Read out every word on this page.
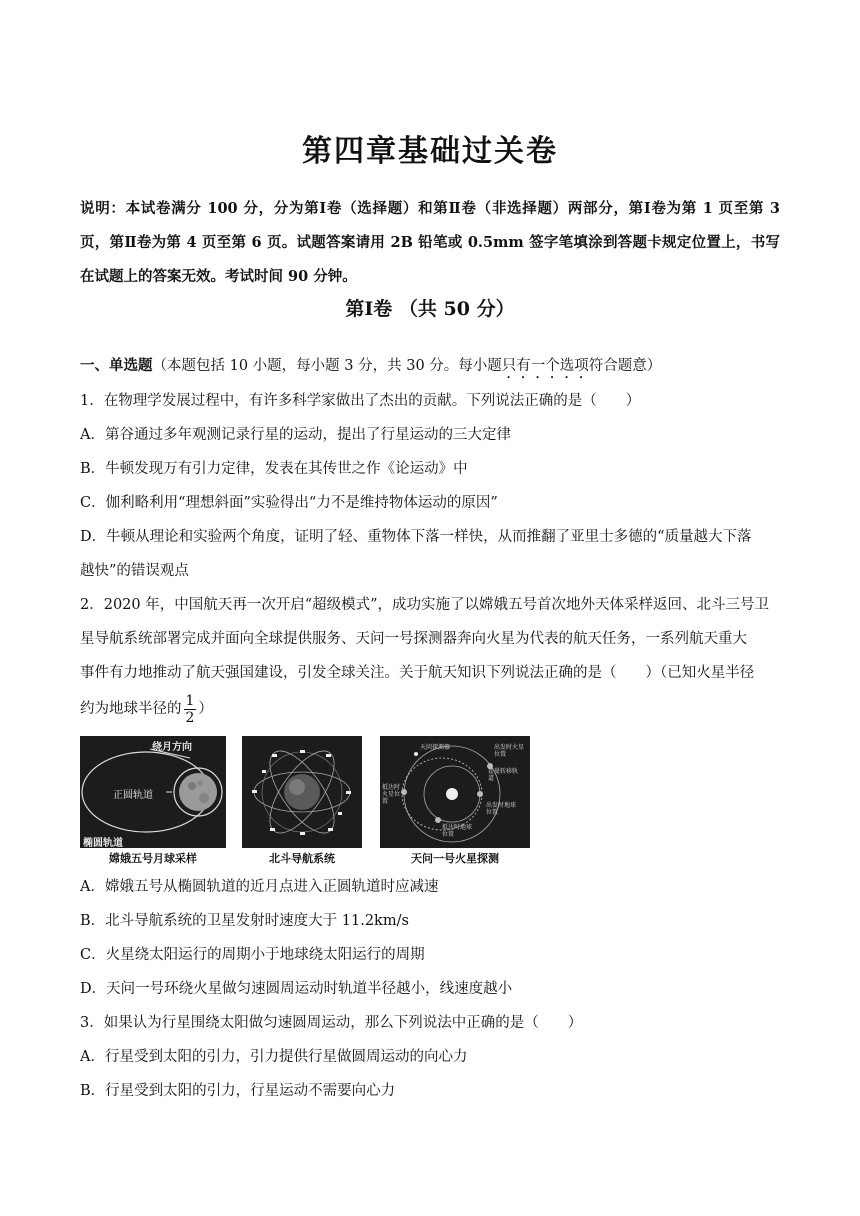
第四章基础过关卷
说明：本试卷满分 100 分，分为第Ⅰ卷（选择题）和第Ⅱ卷（非选择题）两部分，第Ⅰ卷为第 1 页至第 3 页，第Ⅱ卷为第 4 页至第 6 页。试题答案请用 2B 铅笔或 0.5mm 签字笔填涂到答题卡规定位置上，书写在试题上的答案无效。考试时间 90 分钟。
第Ⅰ卷 （共 50 分）
一、单选题（本题包括 10 小题，每小题 3 分，共 30 分。每小题只有一个选项符合题意）
1．在物理学发展过程中，有许多科学家做出了杰出的贡献。下列说法正确的是（　　）
A．第谷通过多年观测记录行星的运动，提出了行星运动的三大定律
B．牛顿发现万有引力定律，发表在其传世之作《论运动》中
C．伽利略利用“理想斜面”实验得出“力不是维持物体运动的原因”
D．牛顿从理论和实验两个角度，证明了轻、重物体下落一样快，从而推翻了亚里士多德的“质量越大下落
越快”的错误观点
2．2020 年，中国航天再一次开启“超级模式”，成功实施了以嫦娥五号首次地外天体采样返回、北斗三号卫
星导航系统部署完成并面向全球提供服务、天问一号探测器奔向火星为代表的航天任务，一系列航天重大
事件有力地推动了航天强国建设，引发全球关注。关于航天知识下列说法正确的是（　　）（已知火星半径
约为地球半径的 $\frac{1}{2}$ ）
绕月方向
正圆轨道
椭圆轨道
嫦娥五号月球采样	北斗导航系统
天问探测器	出发时火星位置
霍曼转移轨道
抵达时火星位置
出发时地球位置
抵达时地球位置
天问一号火星探测
A．嫦娥五号从椭圆轨道的近月点进入正圆轨道时应减速
B．北斗导航系统的卫星发射时速度大于 11.2km/s
C．火星绕太阳运行的周期小于地球绕太阳运行的周期
D．天问一号环绕火星做匀速圆周运动时轨道半径越小，线速度越小
3．如果认为行星围绕太阳做匀速圆周运动，那么下列说法中正确的是（　　）
A．行星受到太阳的引力，引力提供行星做圆周运动的向心力
B．行星受到太阳的引力，行星运动不需要向心力
